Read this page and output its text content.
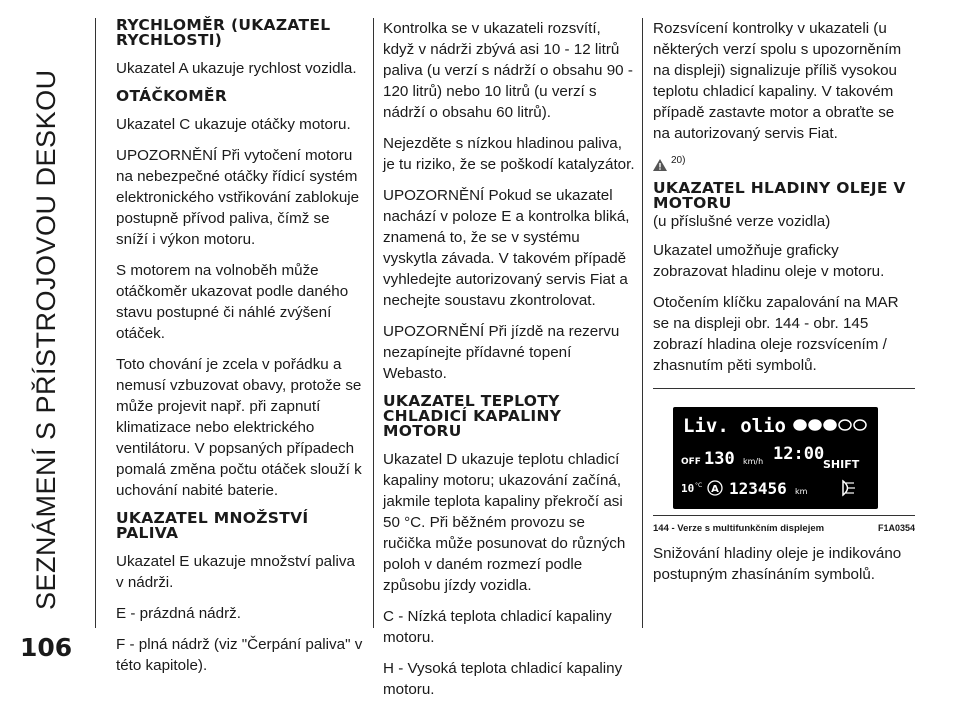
SEZNÁMENÍ S PŘÍSTROJOVOU DESKOU
106
RYCHLOMĚR (UKAZATEL RYCHLOSTI)

Ukazatel A ukazuje rychlost vozidla.

OTÁČKOMĚR

Ukazatel C ukazuje otáčky motoru.

UPOZORNĚNÍ Při vytočení motoru na nebezpečné otáčky řídicí systém elektronického vstřikování zablokuje postupně přívod paliva, čímž se sníží i výkon motoru.

S motorem na volnoběh může otáčkoměr ukazovat podle daného stavu postupné či náhlé zvýšení otáček.

Toto chování je zcela v pořádku a nemusí vzbuzovat obavy, protože se může projevit např. při zapnutí klimatizace nebo elektrického ventilátoru. V popsaných případech pomalá změna počtu otáček slouží k uchování nabité baterie.

UKAZATEL MNOŽSTVÍ PALIVA

Ukazatel E ukazuje množství paliva v nádrži.

E - prázdná nádrž.

F - plná nádrž (viz "Čerpání paliva" v této kapitole).

Kontrolka se v ukazateli rozsvítí, když v nádrži zbývá asi 10 - 12 litrů paliva (u verzí s nádrží o obsahu 90 - 120 litrů) nebo 10 litrů (u verzí s nádrží o obsahu 60 litrů).

Nejezděte s nízkou hladinou paliva, je tu riziko, že se poškodí katalyzátor.

UPOZORNĚNÍ Pokud se ukazatel nachází v poloze E a kontrolka bliká, znamená to, že se v systému vyskytla závada. V takovém případě vyhledejte autorizovaný servis Fiat a nechejte soustavu zkontrolovat.

UPOZORNĚNÍ Při jízdě na rezervu nezapínejte přídavné topení Webasto.

UKAZATEL TEPLOTY CHLADICÍ KAPALINY MOTORU

Ukazatel D ukazuje teplotu chladicí kapaliny motoru; ukazování začíná, jakmile teplota kapaliny překročí asi 50 °C. Při běžném provozu se ručička může posunovat do různých poloh v daném rozmezí podle způsobu jízdy vozidla.

C - Nízká teplota chladicí kapaliny motoru.

H - Vysoká teplota chladicí kapaliny motoru.

Rozsvícení kontrolky v ukazateli (u některých verzí spolu s upozorněním na displeji) signalizuje příliš vysokou teplotu chladicí kapaliny. V takovém případě zastavte motor a obraťte se na autorizovaný servis Fiat.

20)
UKAZATEL HLADINY OLEJE V MOTORU
(u příslušné verze vozidla)

Ukazatel umožňuje graficky zobrazovat hladinu oleje v motoru.

Otočením klíčku zapalování na MAR se na displeji obr. 144 - obr. 145 zobrazí hladina oleje rozsvícením / zhasnutím pěti symbolů.

Liv. olio
OFF 130 km/h 12:00
SHIFT
10 °C A 123456 km
144 - Verze s multifunkčním displejem	F1A0354

Snižování hladiny oleje je indikováno postupným zhasínáním symbolů.
